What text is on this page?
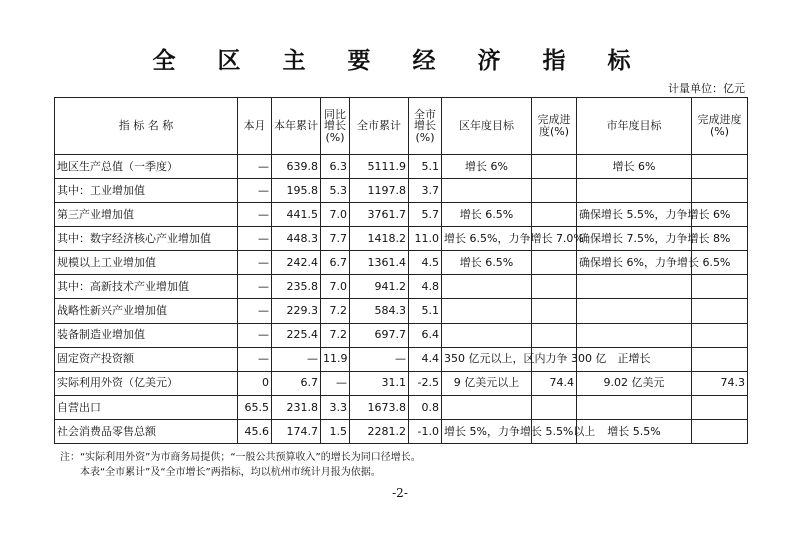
全 区 主 要 经 济 指 标
计量单位：亿元
指 标 名 称	本月	本年累计	同比增长(%)	全市累计	全市增长(%)	区年度目标	完成进度(%)	市年度目标	完成进度(%)
地区生产总值（一季度）	—	639.8	6.3	5111.9	5.1	增长 6%		增长 6%	
其中：工业增加值	—	195.8	5.3	1197.8	3.7				
第三产业增加值	—	441.5	7.0	3761.7	5.7	增长 6.5%		确保增长 5.5%，力争增长 6%	
其中：数字经济核心产业增加值	—	448.3	7.7	1418.2	11.0	增长 6.5%，力争增长 7.0%		确保增长 7.5%，力争增长 8%	
规模以上工业增加值	—	242.4	6.7	1361.4	4.5	增长 6.5%		确保增长 6%，力争增长 6.5%	
其中：高新技术产业增加值	—	235.8	7.0	941.2	4.8				
战略性新兴产业增加值	—	229.3	7.2	584.3	5.1				
装备制造业增加值	—	225.4	7.2	697.7	6.4				
固定资产投资额	—	—	11.9	—	4.4	350 亿元以上，区内力争 300 亿		正增长	
实际利用外资（亿美元）	0	6.7	—	31.1	-2.5	9 亿美元以上	74.4	9.02 亿美元	74.3
自营出口	65.5	231.8	3.3	1673.8	0.8				
社会消费品零售总额	45.6	174.7	1.5	2281.2	-1.0	增长 5%，力争增长 5.5%以上		增长 5.5%	
注：“实际利用外资”为市商务局提供；“一般公共预算收入”的增长为同口径增长。
本表“全市累计”及“全市增长”两指标，均以杭州市统计月报为依据。
-2-
